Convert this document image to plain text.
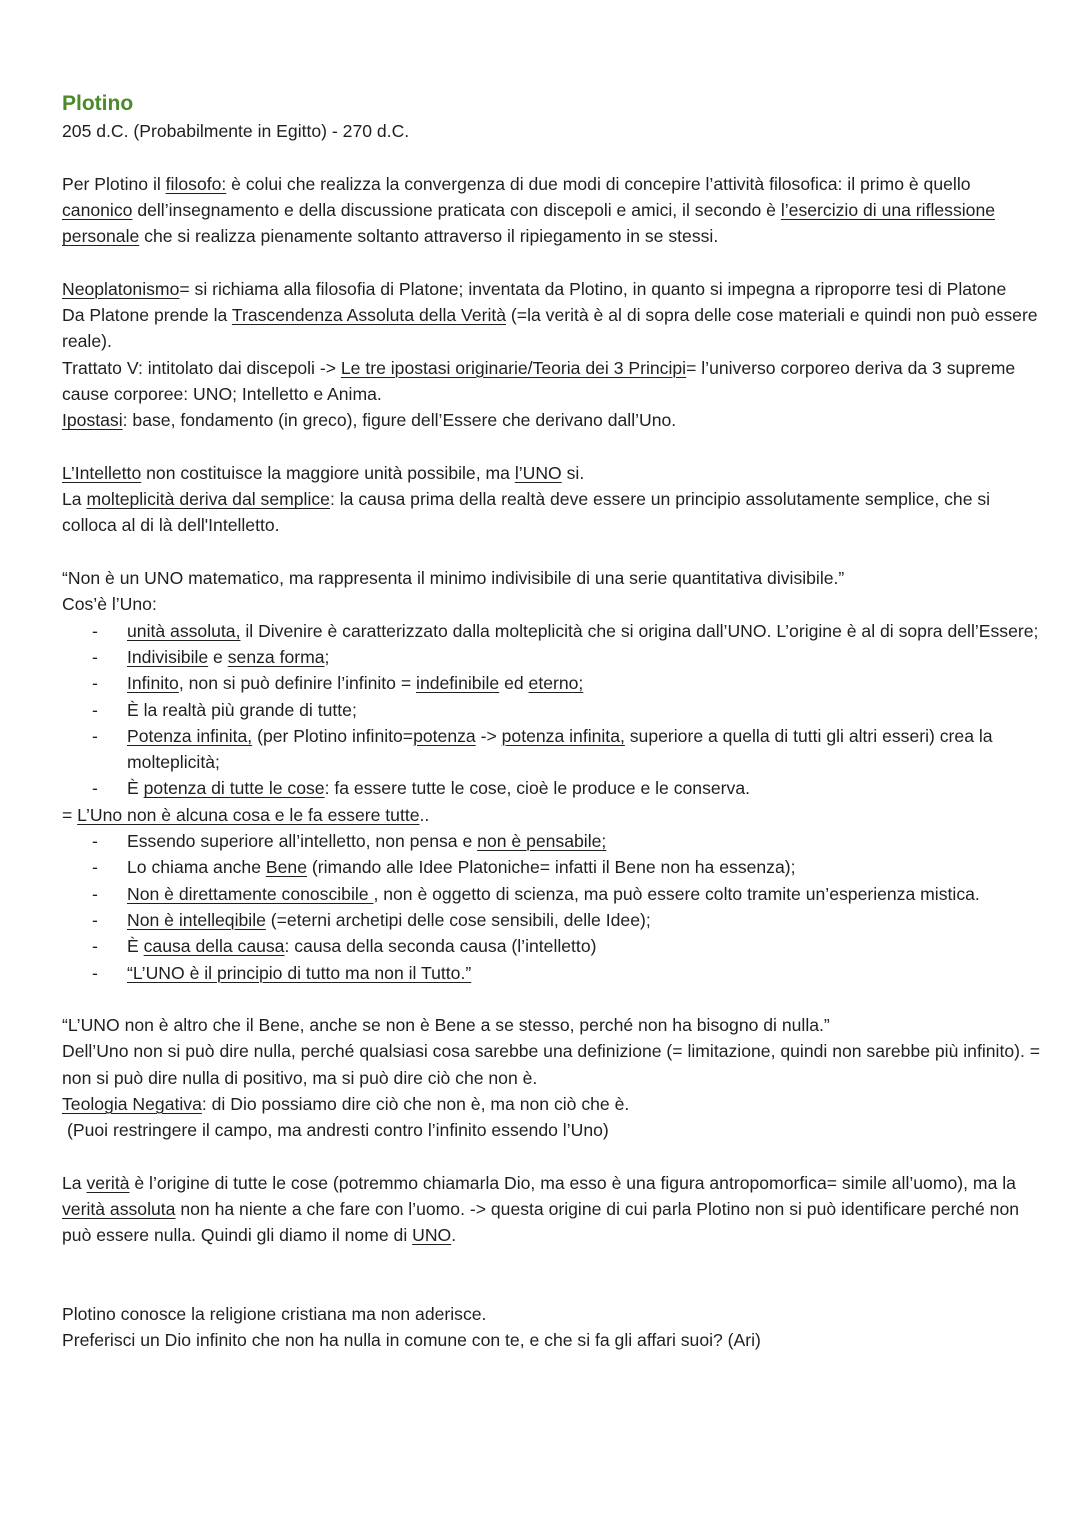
Plotino

205 d.C. (Probabilmente in Egitto) - 270 d.C.

Per Plotino il filosofo: è colui che realizza la convergenza di due modi di concepire l’attività filosofica: il primo è quello canonico dell’insegnamento e della discussione praticata con discepoli e amici, il secondo è l’esercizio di una riflessione personale che si realizza pienamente soltanto attraverso il ripiegamento in se stessi.

Neoplatonismo= si richiama alla filosofia di Platone; inventata da Plotino, in quanto si impegna a riproporre tesi di Platone

Da Platone prende la Trascendenza Assoluta della Verità (=la verità è al di sopra delle cose materiali e quindi non può essere reale).

Trattato V: intitolato dai discepoli -> Le tre ipostasi originarie/Teoria dei 3 Principi= l’universo corporeo deriva da 3 supreme cause corporee: UNO; Intelletto e Anima.

Ipostasi: base, fondamento (in greco), figure dell’Essere che derivano dall’Uno.

L’Intelletto non costituisce la maggiore unità possibile, ma l’UNO si.

La molteplicità deriva dal semplice: la causa prima della realtà deve essere un principio assolutamente semplice, che si colloca al di là dell'Intelletto.

“Non è un UNO matematico, ma rappresenta il minimo indivisibile di una serie quantitativa divisibile.”

Cos’è l’Uno:

- unità assoluta, il Divenire è caratterizzato dalla molteplicità che si origina dall’UNO. L’origine è al di sopra dell’Essere;
- Indivisibile e senza forma;
- Infinito, non si può definire l’infinito = indefinibile ed eterno;
- È la realtà più grande di tutte;
- Potenza infinita, (per Plotino infinito=potenza -> potenza infinita, superiore a quella di tutti gli altri esseri) crea la molteplicità;
- È potenza di tutte le cose: fa essere tutte le cose, cioè le produce e le conserva.

= L’Uno non è alcuna cosa e le fa essere tutte..

- Essendo superiore all’intelletto, non pensa e non è pensabile;
- Lo chiama anche Bene (rimando alle Idee Platoniche= infatti il Bene non ha essenza);
- Non è direttamente conoscibile , non è oggetto di scienza, ma può essere colto tramite un’esperienza mistica.
- Non è intelleqibile (=eterni archetipi delle cose sensibili, delle Idee);
- È causa della causa: causa della seconda causa (l’intelletto)
- “L’UNO è il principio di tutto ma non il Tutto.”

“L’UNO non è altro che il Bene, anche se non è Bene a se stesso, perché non ha bisogno di nulla.”

Dell’Uno non si può dire nulla, perché qualsiasi cosa sarebbe una definizione (= limitazione, quindi non sarebbe più infinito). = non si può dire nulla di positivo, ma si può dire ciò che non è.

Teologia Negativa: di Dio possiamo dire ciò che non è, ma non ciò che è.

(Puoi restringere il campo, ma andresti contro l’infinito essendo l’Uno)

La verità è l’origine di tutte le cose (potremmo chiamarla Dio, ma esso è una figura antropomorfica= simile all’uomo), ma la verità assoluta non ha niente a che fare con l’uomo. -> questa origine di cui parla Plotino non si può identificare perché non può essere nulla. Quindi gli diamo il nome di UNO.

Plotino conosce la religione cristiana ma non aderisce.

Preferisci un Dio infinito che non ha nulla in comune con te, e che si fa gli affari suoi? (Ari)
